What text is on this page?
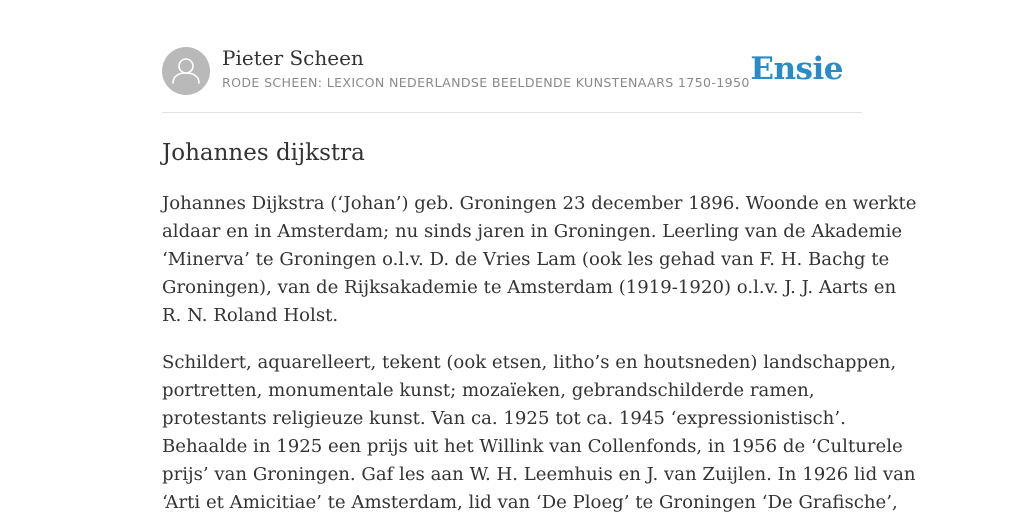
Pieter Scheen
RODE SCHEEN: LEXICON NEDERLANDSE BEELDENDE KUNSTENAARS 1750-1950 Ensie
Johannes dijkstra

Johannes Dijkstra (‘Johan’) geb. Groningen 23 december 1896. Woonde en werkte
aldaar en in Amsterdam; nu sinds jaren in Groningen. Leerling van de Akademie
‘Minerva’ te Groningen o.l.v. D. de Vries Lam (ook les gehad van F. H. Bachg te
Groningen), van de Rijksakademie te Amsterdam (1919-1920) o.l.v. J. J. Aarts en
R. N. Roland Holst.

Schildert, aquarelleert, tekent (ook etsen, litho’s en houtsneden) landschappen,
portretten, monumentale kunst; mozaïeken, gebrandschilderde ramen,
protestants religieuze kunst. Van ca. 1925 tot ca. 1945 ‘expressionistisch’.
Behaalde in 1925 een prijs uit het Willink van Collenfonds, in 1956 de ‘Culturele
prijs’ van Groningen. Gaf les aan W. H. Leemhuis en J. van Zuijlen. In 1926 lid van
‘Arti et Amicitiae’ te Amsterdam, lid van ‘De Ploeg’ te Groningen ‘De Grafische’,
